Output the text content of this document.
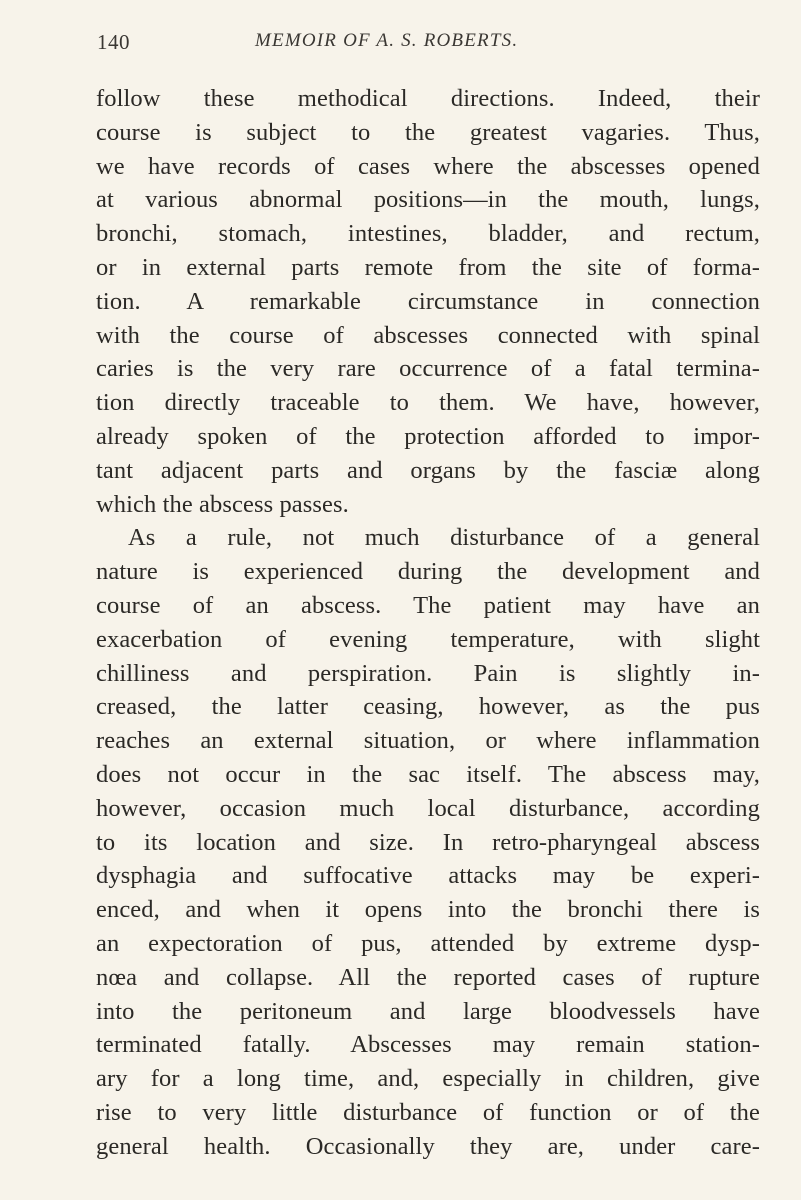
140	MEMOIR OF A. S. ROBERTS.
follow these methodical directions. Indeed, their
course is subject to the greatest vagaries. Thus,
we have records of cases where the abscesses opened
at various abnormal positions—in the mouth, lungs,
bronchi, stomach, intestines, bladder, and rectum,
or in external parts remote from the site of forma-
tion. A remarkable circumstance in connection
with the course of abscesses connected with spinal
caries is the very rare occurrence of a fatal termina-
tion directly traceable to them. We have, however,
already spoken of the protection afforded to impor-
tant adjacent parts and organs by the fasciæ along
which the abscess passes.
As a rule, not much disturbance of a general
nature is experienced during the development and
course of an abscess. The patient may have an
exacerbation of evening temperature, with slight
chilliness and perspiration. Pain is slightly in-
creased, the latter ceasing, however, as the pus
reaches an external situation, or where inflammation
does not occur in the sac itself. The abscess may,
however, occasion much local disturbance, according
to its location and size. In retro-pharyngeal abscess
dysphagia and suffocative attacks may be experi-
enced, and when it opens into the bronchi there is
an expectoration of pus, attended by extreme dysp-
nœa and collapse. All the reported cases of rupture
into the peritoneum and large bloodvessels have
terminated fatally. Abscesses may remain station-
ary for a long time, and, especially in children, give
rise to very little disturbance of function or of the
general health. Occasionally they are, under care-
